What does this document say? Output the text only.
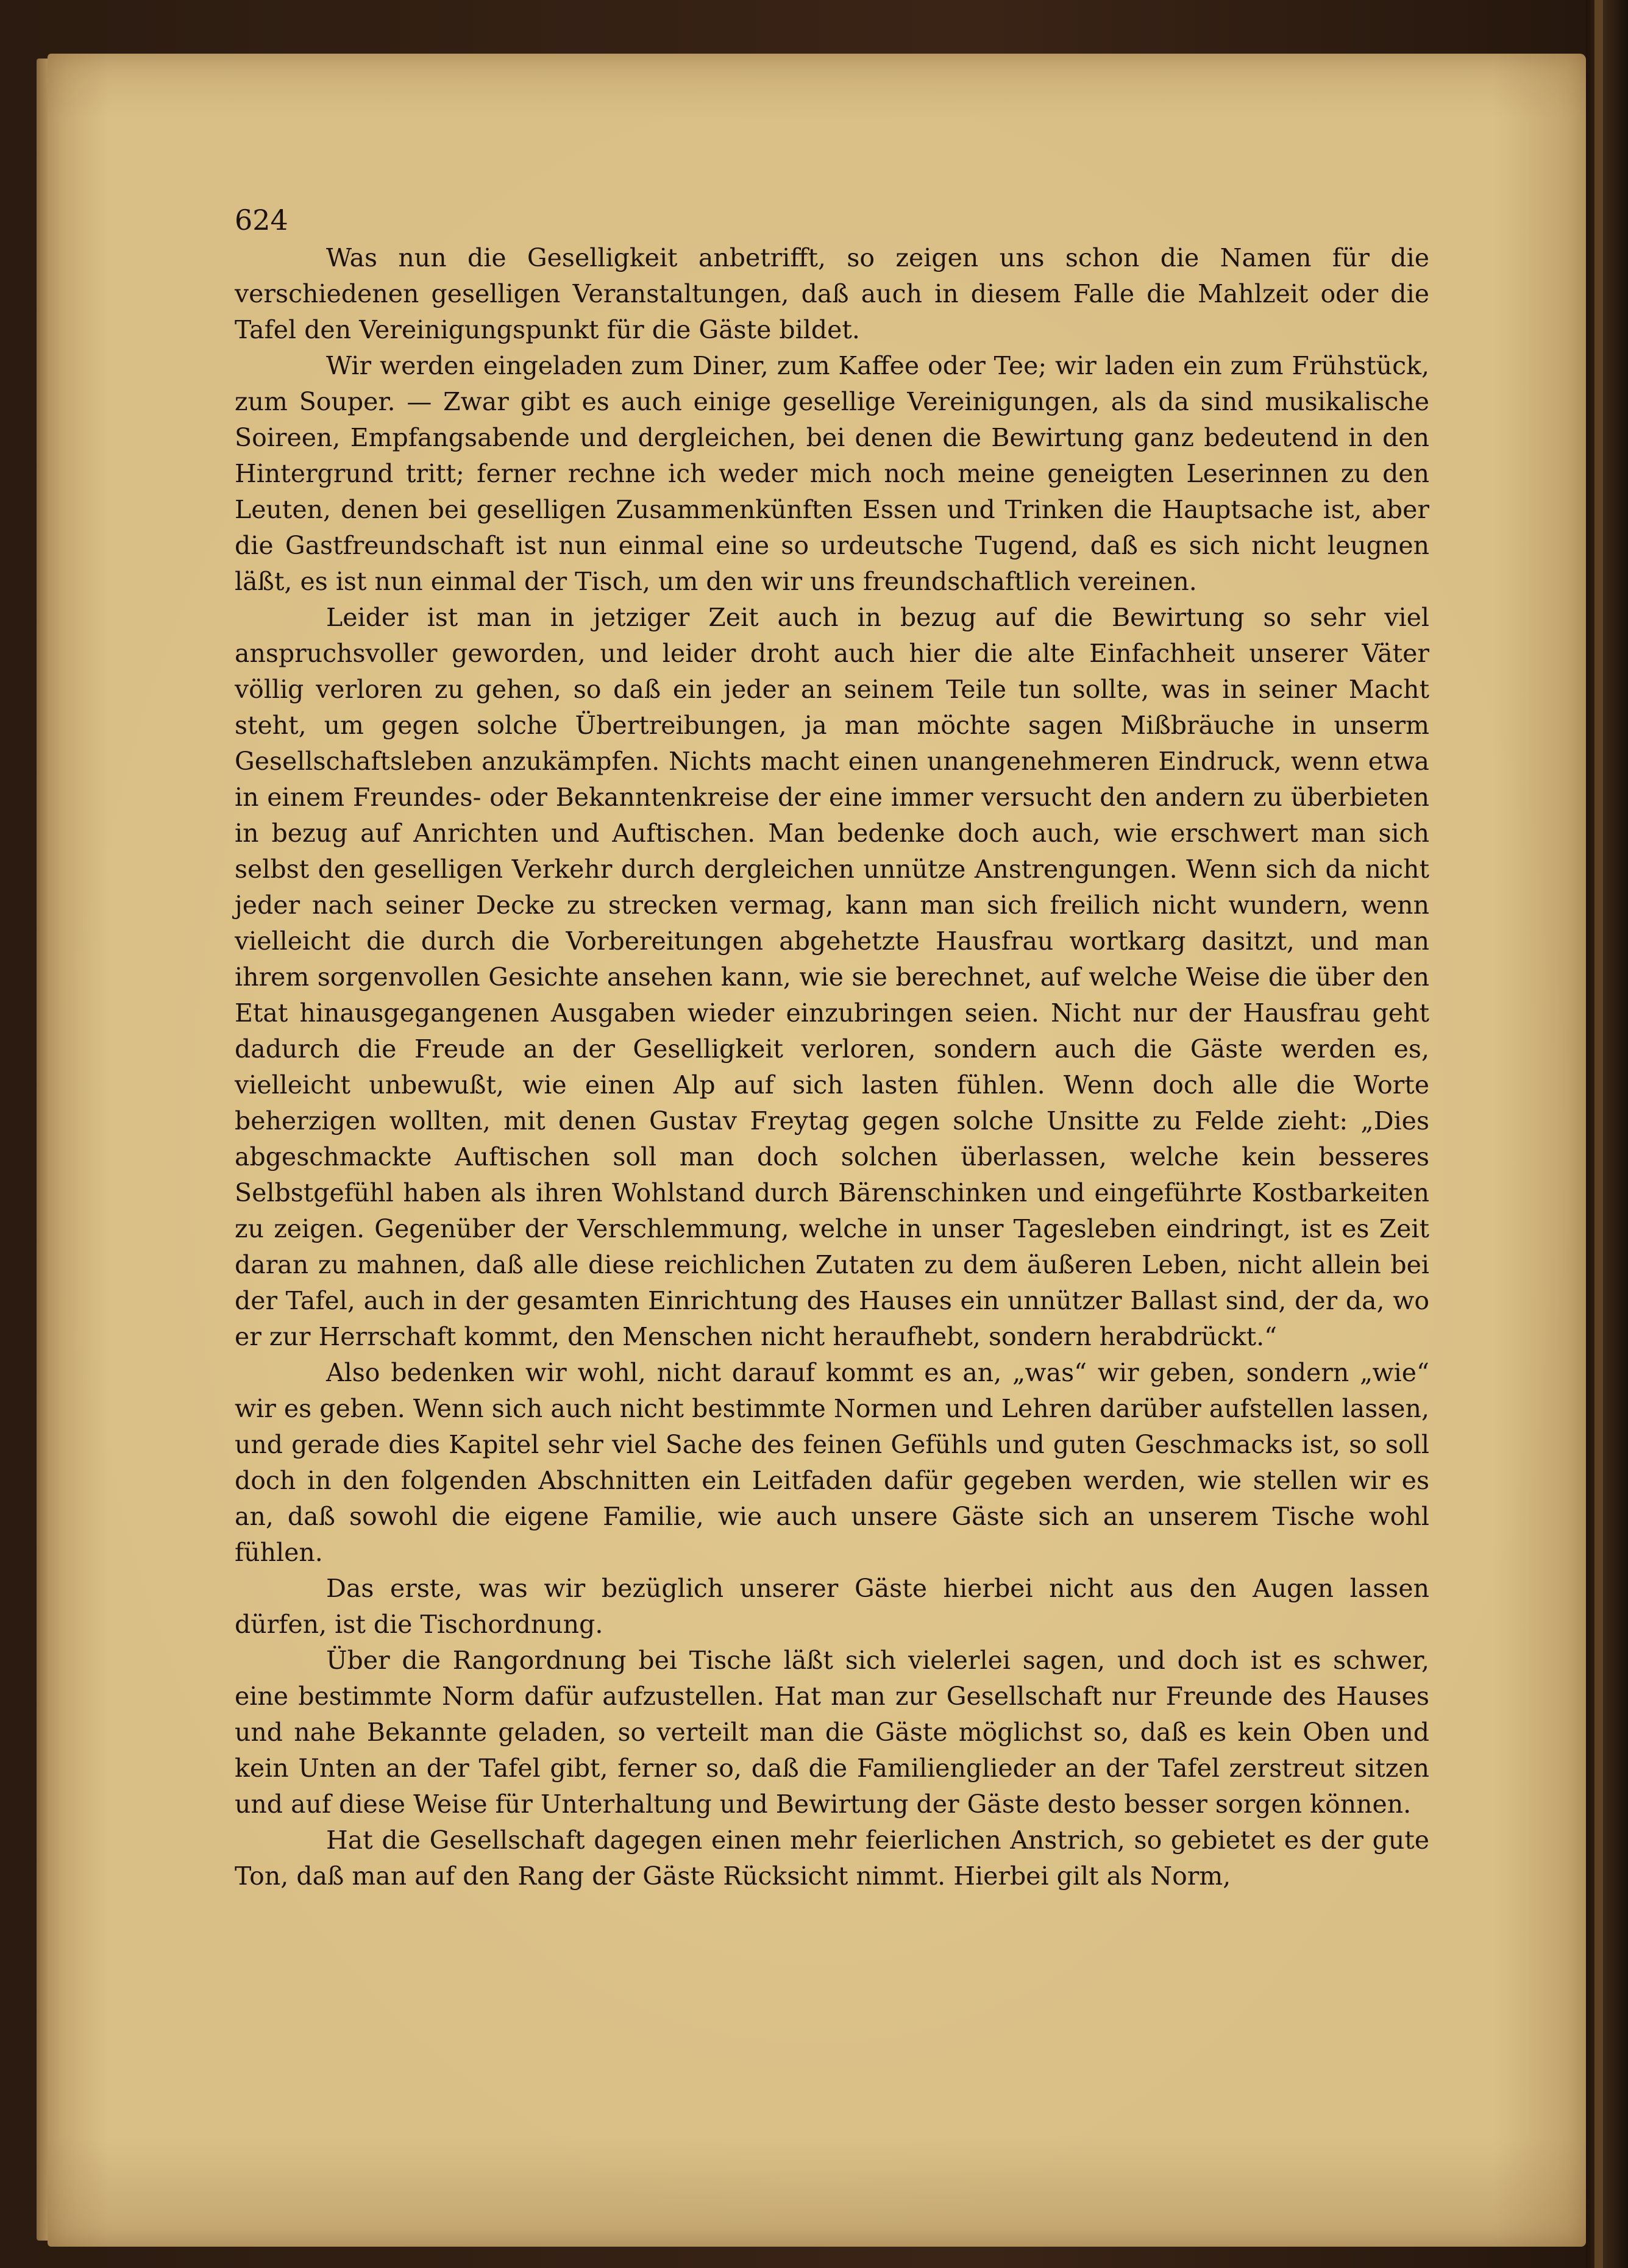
624

Was nun die Geselligkeit anbetrifft, so zeigen uns schon die Namen für die verschiedenen geselligen Veranstaltungen, daß auch in diesem Falle die Mahlzeit oder die Tafel den Vereinigungspunkt für die Gäste bildet.

Wir werden eingeladen zum Diner, zum Kaffee oder Tee; wir laden ein zum Frühstück, zum Souper. — Zwar gibt es auch einige gesellige Vereinigungen, als da sind musikalische Soireen, Empfangsabende und dergleichen, bei denen die Bewirtung ganz bedeutend in den Hintergrund tritt; ferner rechne ich weder mich noch meine geneigten Leserinnen zu den Leuten, denen bei geselligen Zusammenkünften Essen und Trinken die Hauptsache ist, aber die Gastfreundschaft ist nun einmal eine so urdeutsche Tugend, daß es sich nicht leugnen läßt, es ist nun einmal der Tisch, um den wir uns freundschaftlich vereinen.

Leider ist man in jetziger Zeit auch in bezug auf die Bewirtung so sehr viel anspruchsvoller geworden, und leider droht auch hier die alte Einfachheit unserer Väter völlig verloren zu gehen, so daß ein jeder an seinem Teile tun sollte, was in seiner Macht steht, um gegen solche Übertreibungen, ja man möchte sagen Mißbräuche in unserm Gesellschaftsleben anzukämpfen. Nichts macht einen unangenehmeren Eindruck, wenn etwa in einem Freundes- oder Bekanntenkreise der eine immer versucht den andern zu überbieten in bezug auf Anrichten und Auftischen. Man bedenke doch auch, wie erschwert man sich selbst den geselligen Verkehr durch dergleichen unnütze Anstrengungen. Wenn sich da nicht jeder nach seiner Decke zu strecken vermag, kann man sich freilich nicht wundern, wenn vielleicht die durch die Vorbereitungen abgehetzte Hausfrau wortkarg dasitzt, und man ihrem sorgenvollen Gesichte ansehen kann, wie sie berechnet, auf welche Weise die über den Etat hinausgegangenen Ausgaben wieder einzubringen seien. Nicht nur der Hausfrau geht dadurch die Freude an der Geselligkeit verloren, sondern auch die Gäste werden es, vielleicht unbewußt, wie einen Alp auf sich lasten fühlen. Wenn doch alle die Worte beherzigen wollten, mit denen Gustav Freytag gegen solche Unsitte zu Felde zieht: „Dies abgeschmackte Auftischen soll man doch solchen überlassen, welche kein besseres Selbstgefühl haben als ihren Wohlstand durch Bärenschinken und eingeführte Kostbarkeiten zu zeigen. Gegenüber der Verschlemmung, welche in unser Tagesleben eindringt, ist es Zeit daran zu mahnen, daß alle diese reichlichen Zutaten zu dem äußeren Leben, nicht allein bei der Tafel, auch in der gesamten Einrichtung des Hauses ein unnützer Ballast sind, der da, wo er zur Herrschaft kommt, den Menschen nicht heraufhebt, sondern herabdrückt.“

Also bedenken wir wohl, nicht darauf kommt es an, „was“ wir geben, sondern „wie“ wir es geben. Wenn sich auch nicht bestimmte Normen und Lehren darüber aufstellen lassen, und gerade dies Kapitel sehr viel Sache des feinen Gefühls und guten Geschmacks ist, so soll doch in den folgenden Abschnitten ein Leitfaden dafür gegeben werden, wie stellen wir es an, daß sowohl die eigene Familie, wie auch unsere Gäste sich an unserem Tische wohl fühlen.

Das erste, was wir bezüglich unserer Gäste hierbei nicht aus den Augen lassen dürfen, ist die Tischordnung.

Über die Rangordnung bei Tische läßt sich vielerlei sagen, und doch ist es schwer, eine bestimmte Norm dafür aufzustellen. Hat man zur Gesellschaft nur Freunde des Hauses und nahe Bekannte geladen, so verteilt man die Gäste möglichst so, daß es kein Oben und kein Unten an der Tafel gibt, ferner so, daß die Familienglieder an der Tafel zerstreut sitzen und auf diese Weise für Unterhaltung und Bewirtung der Gäste desto besser sorgen können.

Hat die Gesellschaft dagegen einen mehr feierlichen Anstrich, so gebietet es der gute Ton, daß man auf den Rang der Gäste Rücksicht nimmt. Hierbei gilt als Norm,
